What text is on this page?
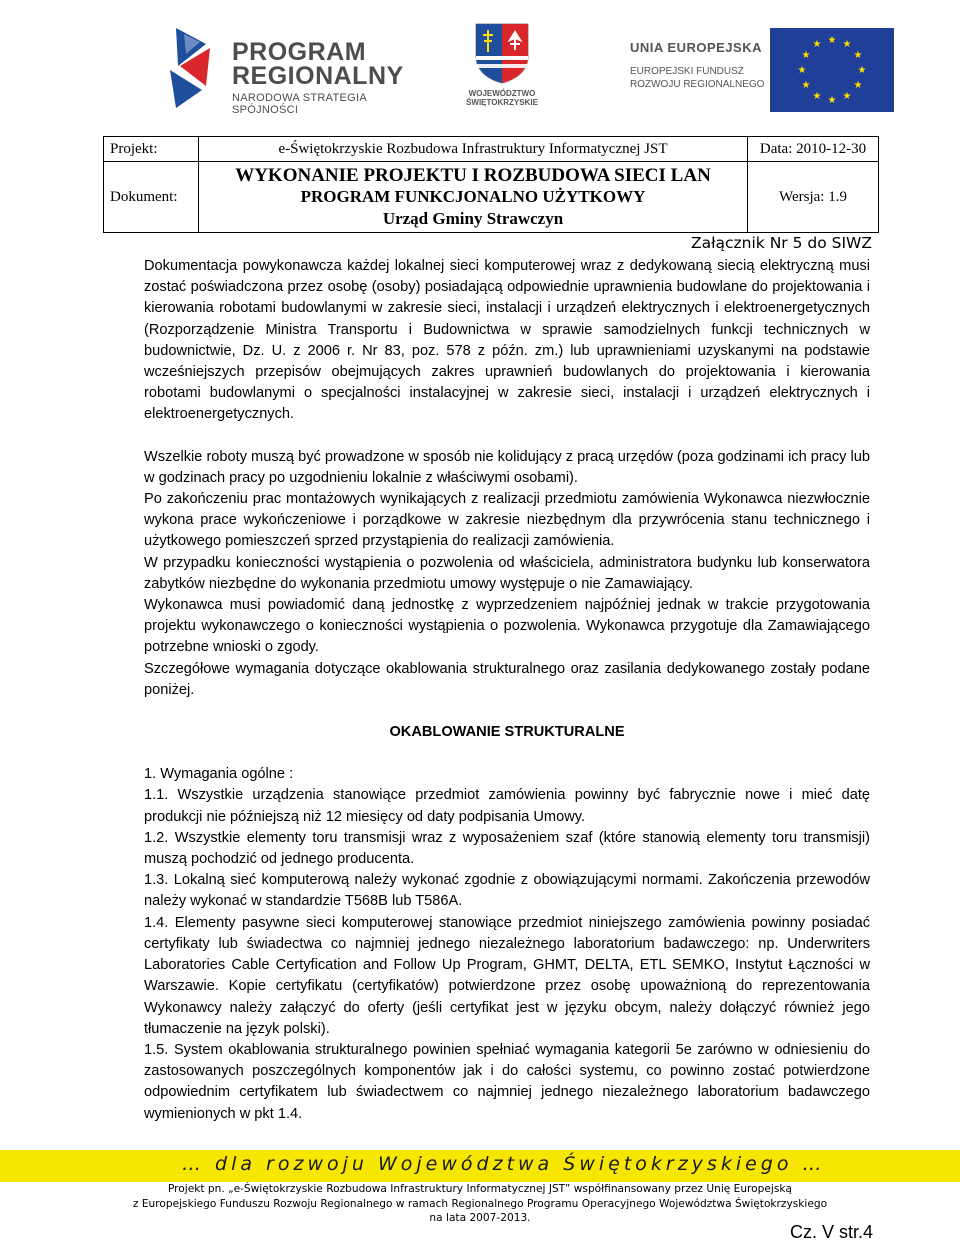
PROGRAM
REGIONALNY
NARODOWA STRATEGIA SPÓJNOŚCI
WOJEWÓDZTWO
ŚWIĘTOKRZYSKIE
UNIA EUROPEJSKA
EUROPEJSKI FUNDUSZ
ROZWOJU REGIONALNEGO
★ ★
★
★
★
★
★
★
★
★
★
★
Projekt:	e-Świętokrzyskie Rozbudowa Infrastruktury Informatycznej JST	Data: 2010-12-30
Dokument:	WYKONANIE PROJEKTU I ROZBUDOWA SIECI LAN
PROGRAM FUNKCJONALNO UŻYTKOWY
Urząd Gminy Strawczyn	Wersja: 1.9
Załącznik Nr 5 do SIWZ

Dokumentacja powykonawcza każdej lokalnej sieci komputerowej wraz z dedykowaną siecią elektryczną musi zostać poświadczona przez osobę (osoby) posiadającą odpowiednie uprawnienia budowlane do projektowania i kierowania robotami budowlanymi w zakresie sieci, instalacji i urządzeń elektrycznych i elektroenergetycznych (Rozporządzenie Ministra Transportu i Budownictwa w sprawie samodzielnych funkcji technicznych w budownictwie, Dz. U. z 2006 r. Nr 83, poz. 578 z późn. zm.) lub uprawnieniami uzyskanymi na podstawie wcześniejszych przepisów obejmujących zakres uprawnień budowlanych do projektowania i kierowania robotami budowlanymi o specjalności instalacyjnej w zakresie sieci, instalacji i urządzeń elektrycznych i elektroenergetycznych.

Wszelkie roboty muszą być prowadzone w sposób nie kolidujący z pracą urzędów (poza godzinami ich pracy lub w godzinach pracy po uzgodnieniu lokalnie z właściwymi osobami).

Po zakończeniu prac montażowych wynikających z realizacji przedmiotu zamówienia Wykonawca niezwłocznie wykona prace wykończeniowe i porządkowe w zakresie niezbędnym dla przywrócenia stanu technicznego i użytkowego pomieszczeń sprzed przystąpienia do realizacji zamówienia.

W przypadku konieczności wystąpienia o pozwolenia od właściciela, administratora budynku lub konserwatora zabytków niezbędne do wykonania przedmiotu umowy występuje o nie Zamawiający.

Wykonawca musi powiadomić daną jednostkę z wyprzedzeniem najpóźniej jednak w trakcie przygotowania projektu wykonawczego o konieczności wystąpienia o pozwolenia. Wykonawca przygotuje dla Zamawiającego potrzebne wnioski o zgody.

Szczegółowe wymagania dotyczące okablowania strukturalnego oraz zasilania dedykowanego zostały podane poniżej.

OKABLOWANIE STRUKTURALNE

1. Wymagania ogólne :

1.1. Wszystkie urządzenia stanowiące przedmiot zamówienia powinny być fabrycznie nowe i mieć datę produkcji nie późniejszą niż 12 miesięcy od daty podpisania Umowy.

1.2. Wszystkie elementy toru transmisji wraz z wyposażeniem szaf (które stanowią elementy toru transmisji) muszą pochodzić od jednego producenta.

1.3. Lokalną sieć komputerową należy wykonać zgodnie z obowiązującymi normami. Zakończenia przewodów należy wykonać w standardzie T568B lub T586A.

1.4. Elementy pasywne sieci komputerowej stanowiące przedmiot niniejszego zamówienia powinny posiadać certyfikaty lub świadectwa co najmniej jednego niezależnego laboratorium badawczego: np. Underwriters Laboratories Cable Certyfication and Follow Up Program, GHMT, DELTA, ETL SEMKO, Instytut Łączności w Warszawie. Kopie certyfikatu (certyfikatów) potwierdzone przez osobę upoważnioną do reprezentowania Wykonawcy należy załączyć do oferty (jeśli certyfikat jest w języku obcym, należy dołączyć również jego tłumaczenie na język polski).

1.5. System okablowania strukturalnego powinien spełniać wymagania kategorii 5e zarówno w odniesieniu do zastosowanych poszczególnych komponentów jak i do całości systemu, co powinno zostać potwierdzone odpowiednim certyfikatem lub świadectwem co najmniej jednego niezależnego laboratorium badawczego wymienionych w pkt 1.4.

… dla rozwoju Województwa Świętokrzyskiego …
Projekt pn. „e-Świętokrzyskie Rozbudowa Infrastruktury Informatycznej JST” współfinansowany przez Unię Europejską
z Europejskiego Funduszu Rozwoju Regionalnego w ramach Regionalnego Programu Operacyjnego Województwa Świętokrzyskiego
na lata 2007-2013.
Cz. V str.4
